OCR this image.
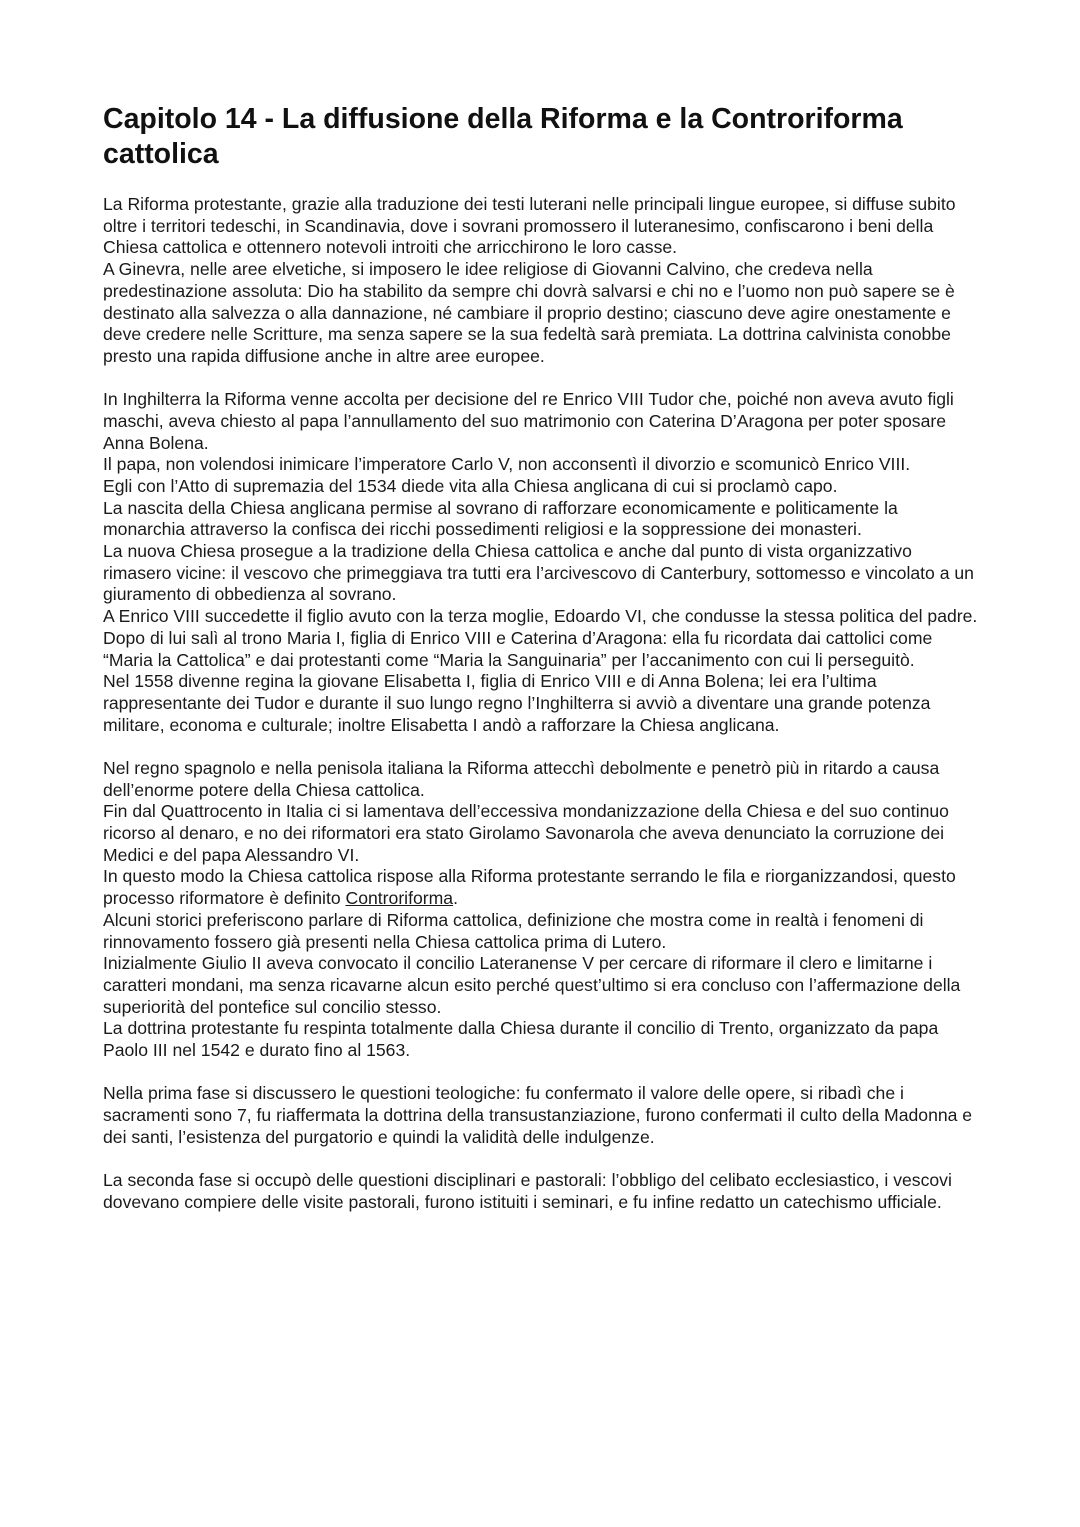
Capitolo 14 - La diffusione della Riforma e la Controriforma cattolica

La Riforma protestante, grazie alla traduzione dei testi luterani nelle principali lingue europee, si diffuse subito oltre i territori tedeschi, in Scandinavia, dove i sovrani promossero il luteranesimo, confiscarono i beni della Chiesa cattolica e ottennero notevoli introiti che arricchirono le loro casse.

A Ginevra, nelle aree elvetiche, si imposero le idee religiose di Giovanni Calvino, che credeva nella predestinazione assoluta: Dio ha stabilito da sempre chi dovrà salvarsi e chi no e l’uomo non può sapere se è destinato alla salvezza o alla dannazione, né cambiare il proprio destino; ciascuno deve agire onestamente e deve credere nelle Scritture, ma senza sapere se la sua fedeltà sarà premiata. La dottrina calvinista conobbe presto una rapida diffusione anche in altre aree europee.

In Inghilterra la Riforma venne accolta per decisione del re Enrico VIII Tudor che, poiché non aveva avuto figli maschi, aveva chiesto al papa l’annullamento del suo matrimonio con Caterina D’Aragona per poter sposare Anna Bolena.

Il papa, non volendosi inimicare l’imperatore Carlo V, non acconsentì il divorzio e scomunicò Enrico VIII.

Egli con l’Atto di supremazia del 1534 diede vita alla Chiesa anglicana di cui si proclamò capo.

La nascita della Chiesa anglicana permise al sovrano di rafforzare economicamente e politicamente la monarchia attraverso la confisca dei ricchi possedimenti religiosi e la soppressione dei monasteri.

La nuova Chiesa prosegue a la tradizione della Chiesa cattolica e anche dal punto di vista organizzativo rimasero vicine: il vescovo che primeggiava tra tutti era l’arcivescovo di Canterbury, sottomesso e vincolato a un giuramento di obbedienza al sovrano.

A Enrico VIII succedette il figlio avuto con la terza moglie, Edoardo VI, che condusse la stessa politica del padre. Dopo di lui salì al trono Maria I, figlia di Enrico VIII e Caterina d’Aragona: ella fu ricordata dai cattolici come “Maria la Cattolica” e dai protestanti come “Maria la Sanguinaria” per l’accanimento con cui li perseguitò.

Nel 1558 divenne regina la giovane Elisabetta I, figlia di Enrico VIII e di Anna Bolena; lei era l’ultima rappresentante dei Tudor e durante il suo lungo regno l’Inghilterra si avviò a diventare una grande potenza militare, economa e culturale; inoltre Elisabetta I andò a rafforzare la Chiesa anglicana.

Nel regno spagnolo e nella penisola italiana la Riforma attecchì debolmente e penetrò più in ritardo a causa dell’enorme potere della Chiesa cattolica.

Fin dal Quattrocento in Italia ci si lamentava dell’eccessiva mondanizzazione della Chiesa e del suo continuo ricorso al denaro, e no dei riformatori era stato Girolamo Savonarola che aveva denunciato la corruzione dei Medici e del papa Alessandro VI.

In questo modo la Chiesa cattolica rispose alla Riforma protestante serrando le fila e riorganizzandosi, questo processo riformatore è definito Controriforma.

Alcuni storici preferiscono parlare di Riforma cattolica, definizione che mostra come in realtà i fenomeni di rinnovamento fossero già presenti nella Chiesa cattolica prima di Lutero.

Inizialmente Giulio II aveva convocato il concilio Lateranense V per cercare di riformare il clero e limitarne i caratteri mondani, ma senza ricavarne alcun esito perché quest’ultimo si era concluso con l’affermazione della superiorità del pontefice sul concilio stesso.

La dottrina protestante fu respinta totalmente dalla Chiesa durante il concilio di Trento, organizzato da papa Paolo III nel 1542 e durato fino al 1563.

Nella prima fase si discussero le questioni teologiche: fu confermato il valore delle opere, si ribadì che i sacramenti sono 7, fu riaffermata la dottrina della transustanziazione, furono confermati il culto della Madonna e dei santi, l’esistenza del purgatorio e quindi la validità delle indulgenze.

La seconda fase si occupò delle questioni disciplinari e pastorali: l’obbligo del celibato ecclesiastico, i vescovi dovevano compiere delle visite pastorali, furono istituiti i seminari, e fu infine redatto un catechismo ufficiale.
